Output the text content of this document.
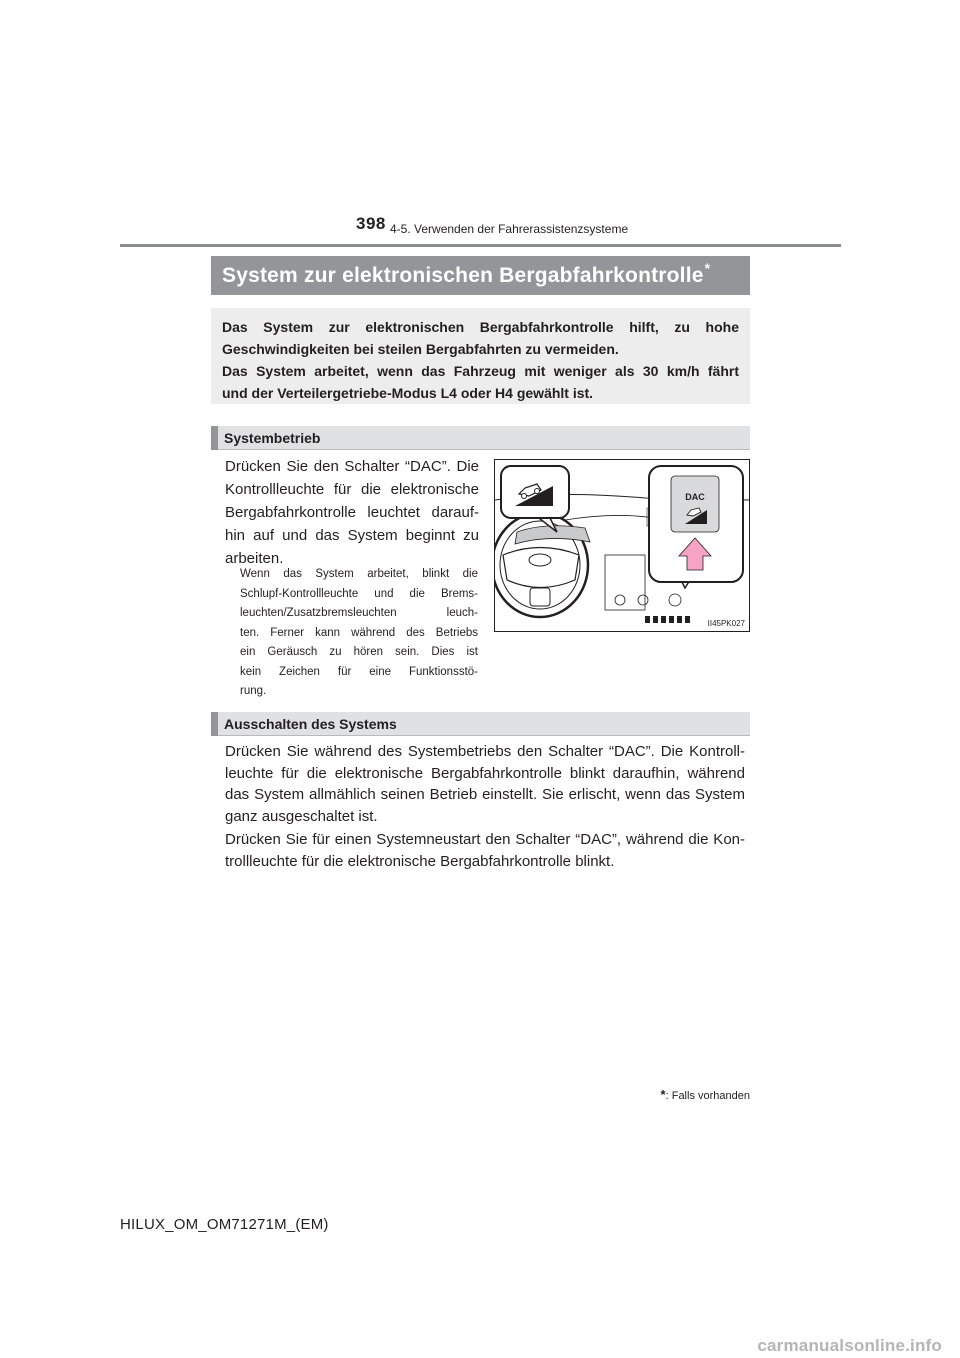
398 4-5. Verwenden der Fahrerassistenzsysteme
System zur elektronischen Bergabfahrkontrolle *

Das System zur elektronischen Bergabfahrkontrolle hilft, zu hohe

Geschwindigkeiten bei steilen Bergabfahrten zu vermeiden.

Das System arbeitet, wenn das Fahrzeug mit weniger als 30 km/h fährt

und der Verteilergetriebe-Modus L4 oder H4 gewählt ist.

Systembetrieb
Drücken Sie den Schalter “DAC”. Die
Kontrollleuchte für die elektronische
Bergabfahrkontrolle leuchtet darauf-
hin auf und das System beginnt zu
arbeiten.
Wenn das System arbeitet, blinkt die
Schlupf-Kontrollleuchte und die Brems-
leuchten/Zusatzbremsleuchten leuch-
ten. Ferner kann während des Betriebs
ein Geräusch zu hören sein. Dies ist
kein Zeichen für eine Funktionsstö-
rung.
DAC
II45PK027
Ausschalten des Systems
Drücken Sie während des Systembetriebs den Schalter “DAC”. Die Kontroll-
leuchte für die elektronische Bergabfahrkontrolle blinkt daraufhin, während
das System allmählich seinen Betrieb einstellt. Sie erlischt, wenn das System
ganz ausgeschaltet ist.
Drücken Sie für einen Systemneustart den Schalter “DAC”, während die Kon-
trollleuchte für die elektronische Bergabfahrkontrolle blinkt.
*: Falls vorhanden
HILUX_OM_OM71271M_(EM)
carmanualsonline.info
